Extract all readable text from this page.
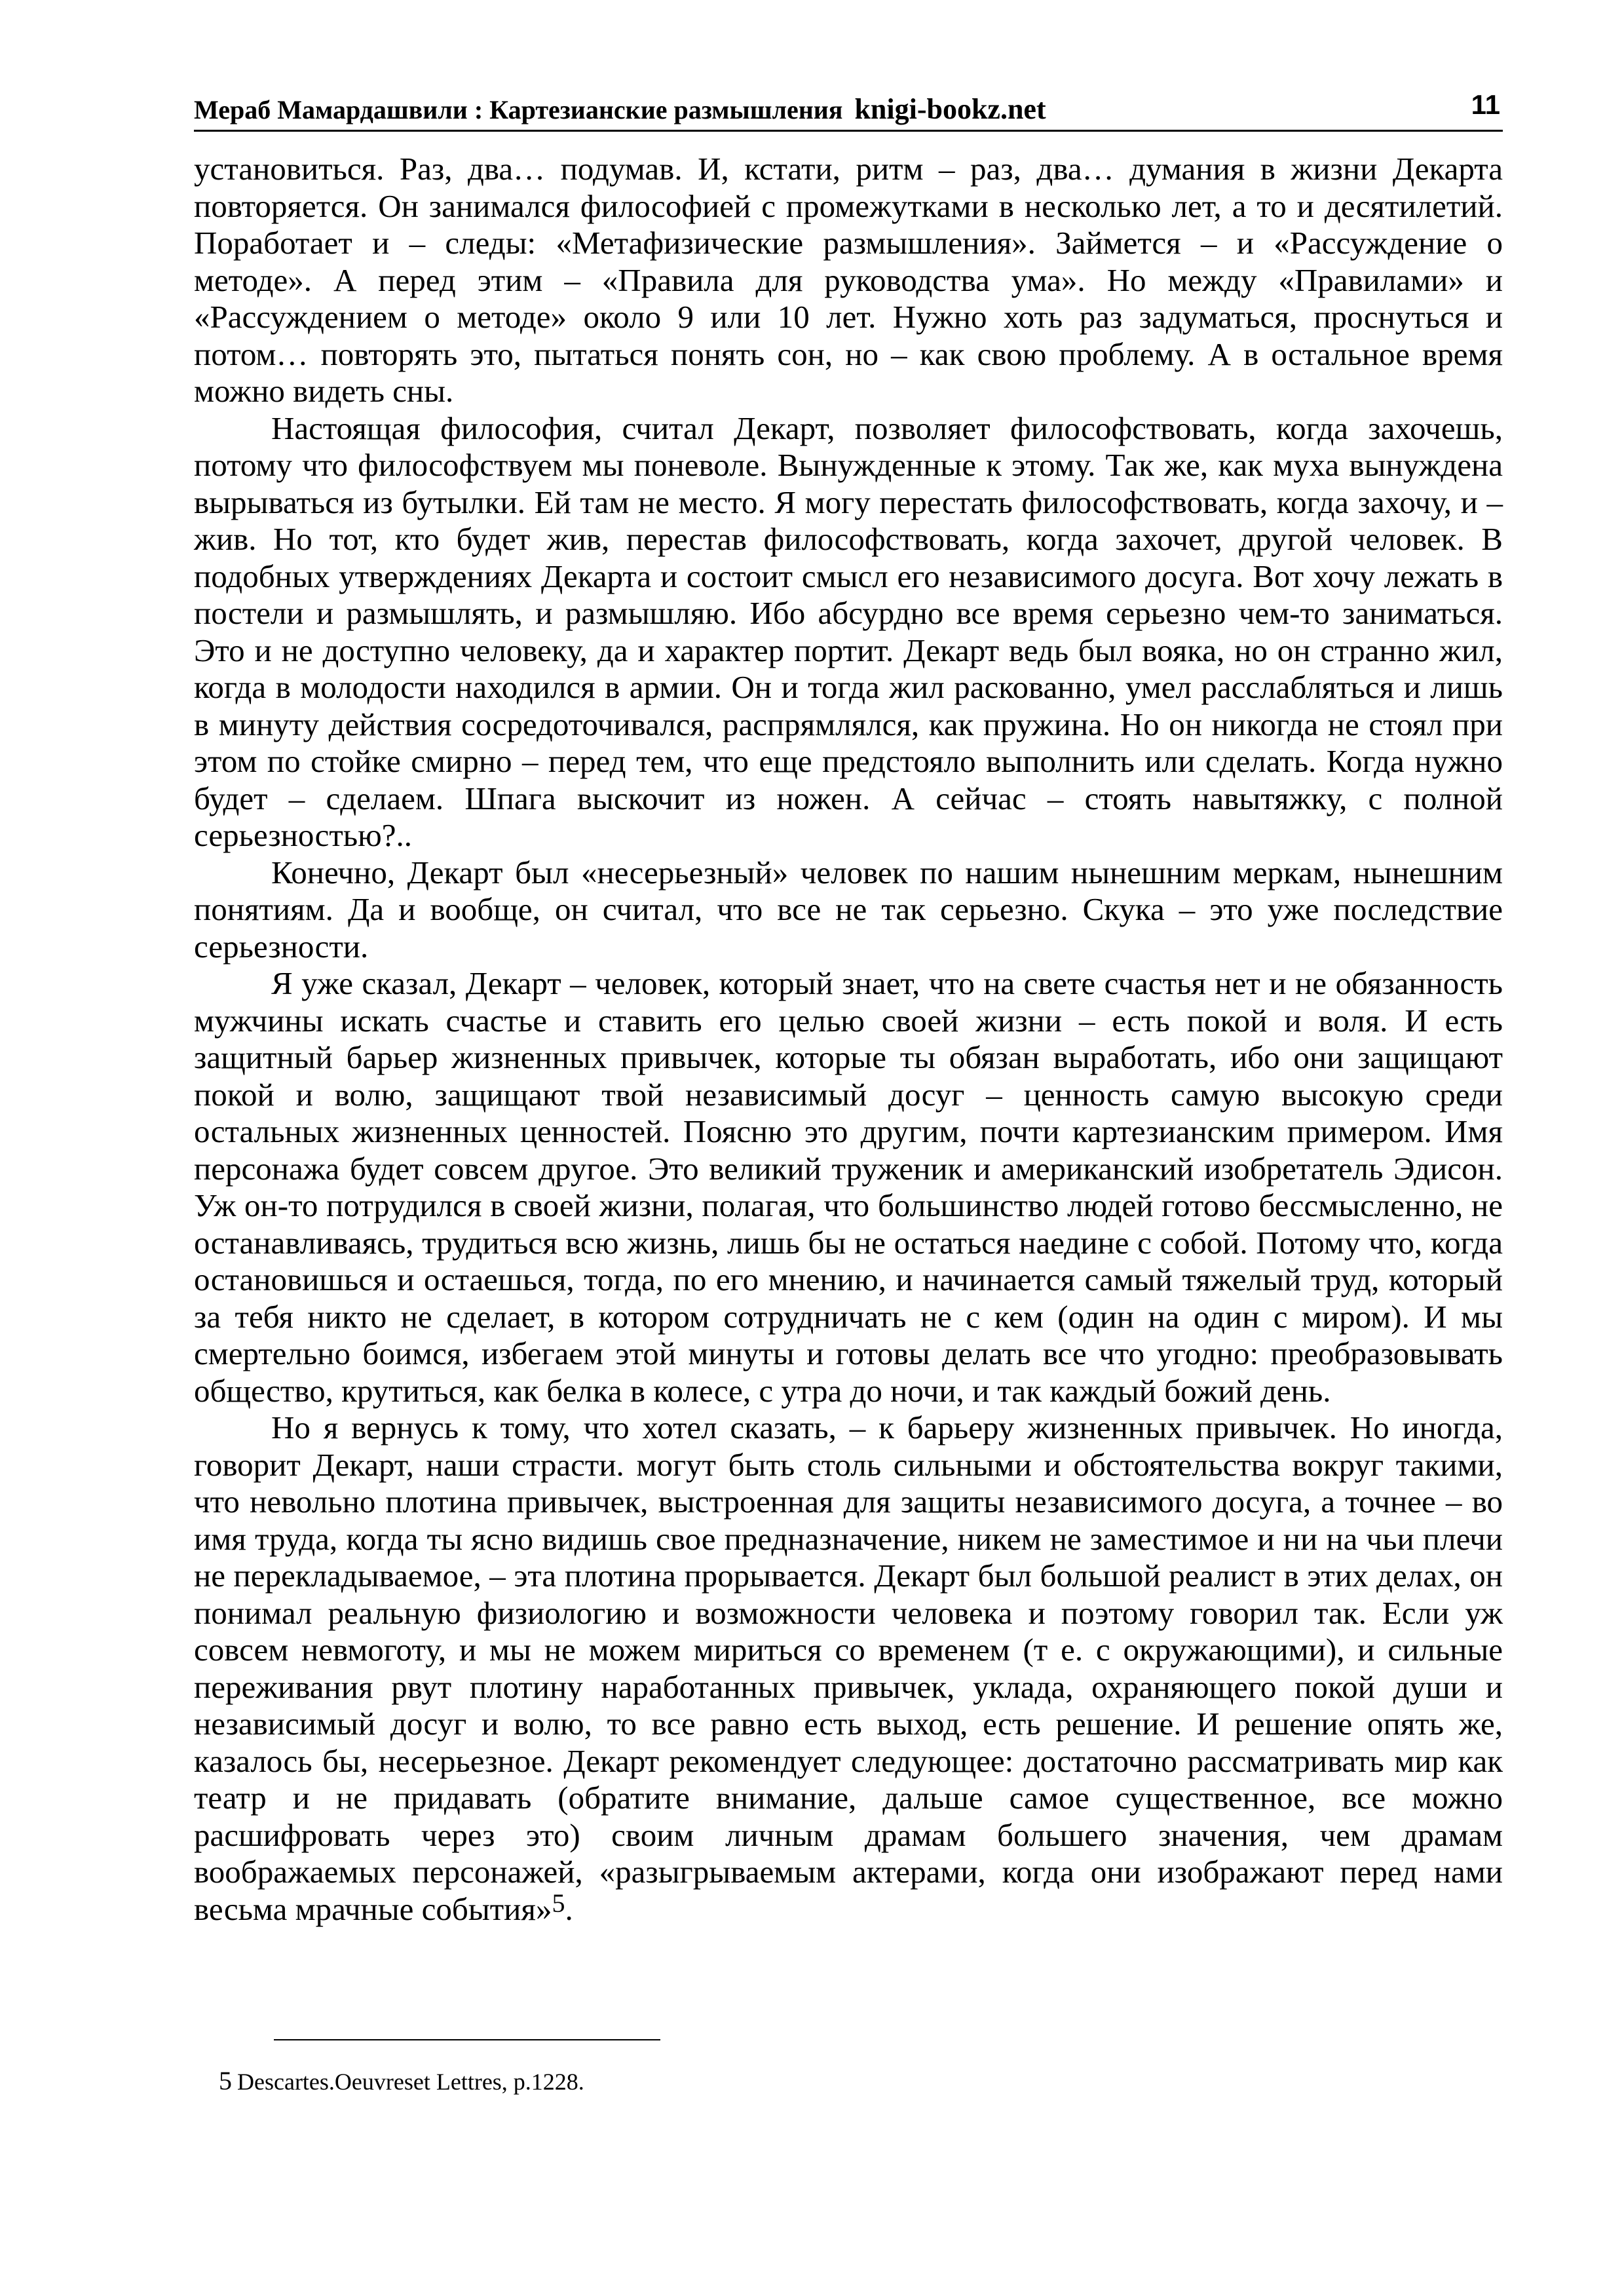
Мераб Мамардашвили : Картезианские размышления knigi-bookz.net	11

установиться. Раз, два… подумав. И, кстати, ритм – раз, два… думания в жизни Декарта повторяется. Он занимался философией с промежутками в несколько лет, а то и десятилетий. Поработает и – следы: «Метафизические размышления». Займется – и «Рассуждение о методе». А перед этим – «Правила для руководства ума». Но между «Правилами» и «Рассуждением о методе» около 9 или 10 лет. Нужно хоть раз задуматься, проснуться и потом… повторять это, пытаться понять сон, но – как свою проблему. А в остальное время можно видеть сны.

Настоящая философия, считал Декарт, позволяет философствовать, когда захочешь, потому что философствуем мы поневоле. Вынужденные к этому. Так же, как муха вынуждена вырываться из бутылки. Ей там не место. Я могу перестать философствовать, когда захочу, и – жив. Но тот, кто будет жив, перестав философствовать, когда захочет, другой человек. В подобных утверждениях Декарта и состоит смысл его независимого досуга. Вот хочу лежать в постели и размышлять, и размышляю. Ибо абсурдно все время серьезно чем-то заниматься. Это и не доступно человеку, да и характер портит. Декарт ведь был вояка, но он странно жил, когда в молодости находился в армии. Он и тогда жил раскованно, умел расслабляться и лишь в минуту действия сосредоточивался, распрямлялся, как пружина. Но он никогда не стоял при этом по стойке смирно – перед тем, что еще предстояло выполнить или сделать. Когда нужно будет – сделаем. Шпага выскочит из ножен. А сейчас – стоять навытяжку, с полной серьезностью?..

Конечно, Декарт был «несерьезный» человек по нашим нынешним меркам, нынешним понятиям. Да и вообще, он считал, что все не так серьезно. Скука – это уже последствие серьезности.

Я уже сказал, Декарт – человек, который знает, что на свете счастья нет и не обязанность мужчины искать счастье и ставить его целью своей жизни – есть покой и воля. И есть защитный барьер жизненных привычек, которые ты обязан выработать, ибо они защищают покой и волю, защищают твой независимый досуг – ценность самую высокую среди остальных жизненных ценностей. Поясню это другим, почти картезианским примером. Имя персонажа будет совсем другое. Это великий труженик и американский изобретатель Эдисон. Уж он-то потрудился в своей жизни, полагая, что большинство людей готово бессмысленно, не останавливаясь, трудиться всю жизнь, лишь бы не остаться наедине с собой. Потому что, когда остановишься и остаешься, тогда, по его мнению, и начинается самый тяжелый труд, который за тебя никто не сделает, в котором сотрудничать не с кем (один на один с миром). И мы смертельно боимся, избегаем этой минуты и готовы делать все что угодно: преобразовывать общество, крутиться, как белка в колесе, с утра до ночи, и так каждый божий день.

Но я вернусь к тому, что хотел сказать, – к барьеру жизненных привычек. Но иногда, говорит Декарт, наши страсти. могут быть столь сильными и обстоятельства вокруг такими, что невольно плотина привычек, выстроенная для защиты независимого досуга, а точнее – во имя труда, когда ты ясно видишь свое предназначение, никем не заместимое и ни на чьи плечи не перекладываемое, – эта плотина прорывается. Декарт был большой реалист в этих делах, он понимал реальную физиологию и возможности человека и поэтому говорил так. Если уж совсем невмоготу, и мы не можем мириться со временем (т е. с окружающими), и сильные переживания рвут плотину наработанных привычек, уклада, охраняющего покой души и независимый досуг и волю, то все равно есть выход, есть решение. И решение опять же, казалось бы, несерьезное. Декарт рекомендует следующее: достаточно рассматривать мир как театр и не придавать (обратите внимание, дальше самое существенное, все можно расшифровать через это) своим личным драмам большего значения, чем драмам воображаемых персонажей, «разыгрываемым актерами, когда они изображают перед нами весьма мрачные события»$^5$.

5 Descartes.Oeuvreset Lettres, p.1228.
